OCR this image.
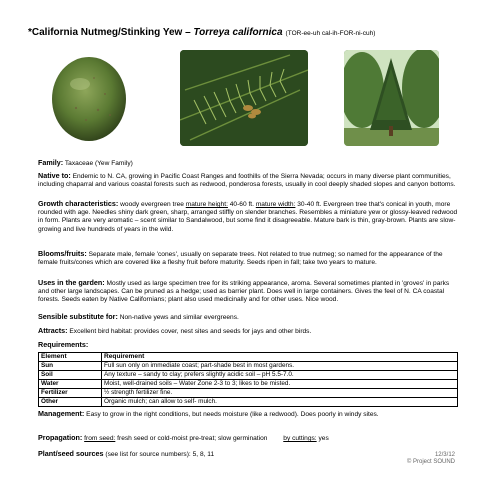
*California Nutmeg/Stinking Yew – Torreya californica (TOR-ee-uh cal-ih-FOR-ni-cuh)
Family: Taxaceae (Yew Family)
Native to: Endemic to N. CA, growing in Pacific Coast Ranges and foothills of the Sierra Nevada; occurs in many diverse plant communities, including chaparral and various coastal forests such as redwood, ponderosa forests, usually in cool deeply shaded slopes and canyon bottoms.
Growth characteristics: woody evergreen tree mature height: 40-60 ft. mature width: 30-40 ft. Evergreen tree that's conical in youth, more rounded with age. Needles shiny dark green, sharp, arranged stiffly on slender branches. Resembles a miniature yew or glossy-leaved redwood in form. Plants are very aromatic – scent similar to Sandalwood, but some find it disagreeable. Mature bark is thin, gray-brown. Plants are slow-growing and live hundreds of years in the wild.
Blooms/fruits: Separate male, female 'cones', usually on separate trees. Not related to true nutmeg; so named for the appearance of the female fruits/cones which are covered like a fleshy fruit before maturity. Seeds ripen in fall; take two years to mature.
Uses in the garden: Mostly used as large specimen tree for its striking appearance, aroma. Several sometimes planted in 'groves' in parks and other large landscapes. Can be pruned as a hedge; used as barrier plant. Does well in large containers. Gives the feel of N. CA coastal forests. Seeds eaten by Native Californians; plant also used medicinally and for other uses. Nice wood.
Sensible substitute for: Non-native yews and similar evergreens.
Attracts: Excellent bird habitat: provides cover, nest sites and seeds for jays and other birds.
Requirements:
Element	Requirement
Sun	Full sun only on immediate coast; part-shade best in most gardens.
Soil	Any texture – sandy to clay; prefers slightly acidic soil – pH 5.5-7.0.
Water	Moist, well-drained soils – Water Zone 2-3 to 3; likes to be misted.
Fertilizer	½ strength fertilizer fine.
Other	Organic mulch; can allow to self- mulch.
Management: Easy to grow in the right conditions, but needs moisture (like a redwood). Does poorly in windy sites.
Propagation: from seed: fresh seed or cold-moist pre-treat; slow germination by cuttings: yes
Plant/seed sources (see list for source numbers): 5, 8, 11	12/3/12
© Project SOUND
